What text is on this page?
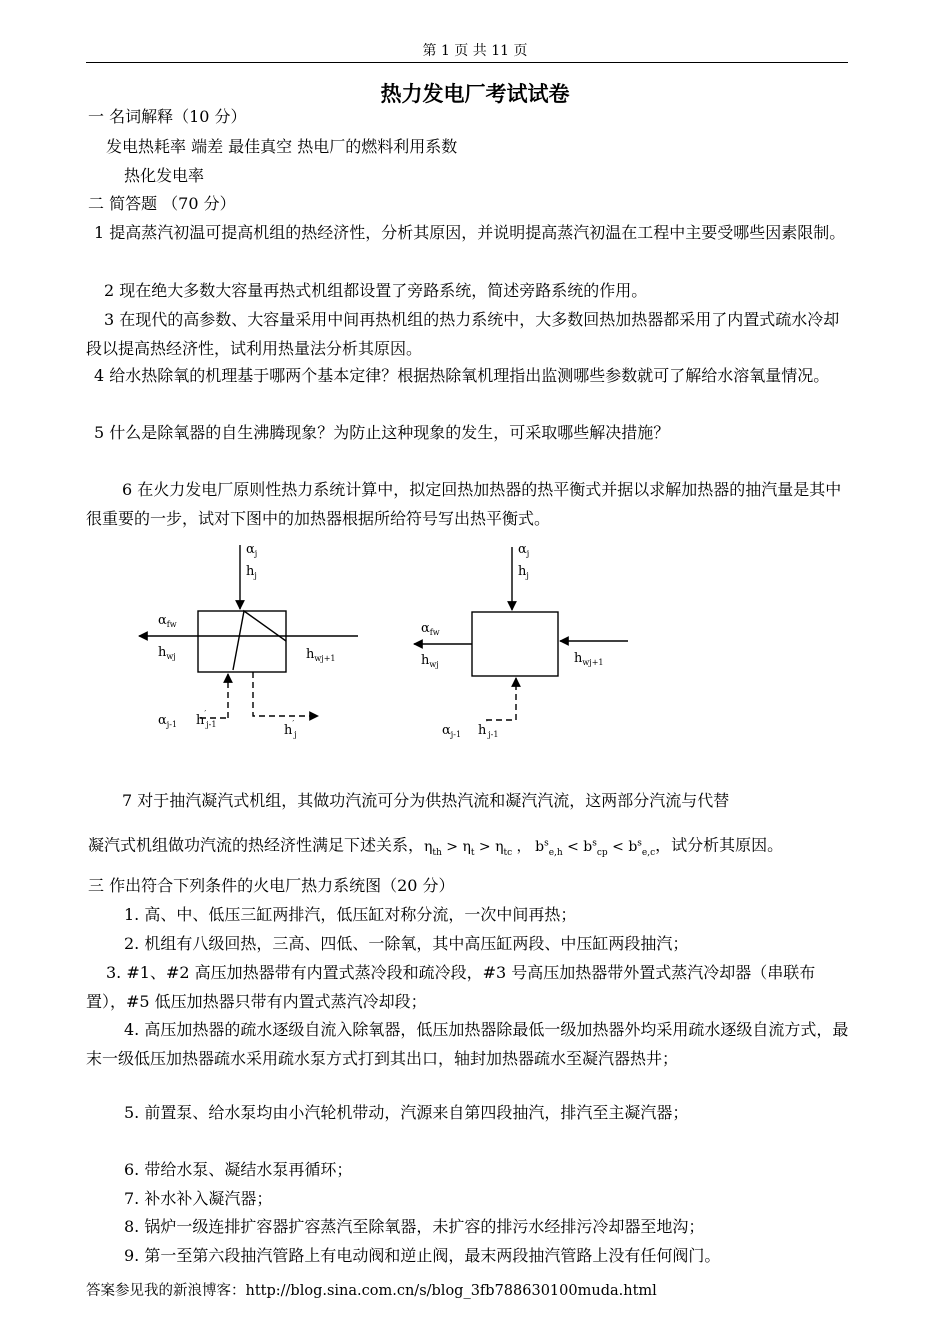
第 1 页 共 11 页
热力发电厂考试试卷
一 名词解释（10 分）
发电热耗率 端差 最佳真空 热电厂的燃料利用系数
热化发电率
二 简答题 （70 分）
1 提高蒸汽初温可提高机组的热经济性，分析其原因，并说明提高蒸汽初温在工程中主要受哪些因素限制。
2 现在绝大多数大容量再热式机组都设置了旁路系统，简述旁路系统的作用。
3 在现代的高参数、大容量采用中间再热机组的热力系统中，大多数回热加热器都采用了内置式疏水冷却段以提高热经济性，试利用热量法分析其原因。
4 给水热除氧的机理基于哪两个基本定律？根据热除氧机理指出监测哪些参数就可了解给水溶氧量情况。
5 什么是除氧器的自生沸腾现象？为防止这种现象的发生，可采取哪些解决措施？
6 在火力发电厂原则性热力系统计算中，拟定回热加热器的热平衡式并据以求解加热器的抽汽量是其中很重要的一步，试对下图中的加热器根据所给符号写出热平衡式。
$\alpha_j$
$h_j$
$\alpha_{fw}$
$h_{wj}$	$h_{wj+1}$
$\alpha_{j-1}$ $h'_{j-1}$	$h'_j$
$\alpha_j$
$h_j$
$\alpha_{fw}$
$h_{wj}$	$h_{wj+1}$
$\alpha_{j-1}$ $h'_{j-1}$
7 对于抽汽凝汽式机组，其做功汽流可分为供热汽流和凝汽汽流，这两部分汽流与代替
凝汽式机组做功汽流的热经济性满足下述关系，$\eta_{th} > \eta_t > \eta_{tc}$ ， $b^s_{e,h} < b^s_{cp} < b^s_{e,c}$，试分析其原因。
三 作出符合下列条件的火电厂热力系统图（20 分）
1. 高、中、低压三缸两排汽，低压缸对称分流，一次中间再热；
2. 机组有八级回热，三高、四低、一除氧，其中高压缸两段、中压缸两段抽汽；
3. #1、#2 高压加热器带有内置式蒸冷段和疏冷段，#3 号高压加热器带外置式蒸汽冷却器（串联布置），#5 低压加热器只带有内置式蒸汽冷却段；
4. 高压加热器的疏水逐级自流入除氧器，低压加热器除最低一级加热器外均采用疏水逐级自流方式，最末一级低压加热器疏水采用疏水泵方式打到其出口，轴封加热器疏水至凝汽器热井；
5. 前置泵、给水泵均由小汽轮机带动，汽源来自第四段抽汽，排汽至主凝汽器；
6. 带给水泵、凝结水泵再循环；
7. 补水补入凝汽器；
8. 锅炉一级连排扩容器扩容蒸汽至除氧器，未扩容的排污水经排污冷却器至地沟；
9. 第一至第六段抽汽管路上有电动阀和逆止阀，最末两段抽汽管路上没有任何阀门。
答案参见我的新浪博客：http://blog.sina.com.cn/s/blog_3fb788630100muda.html
